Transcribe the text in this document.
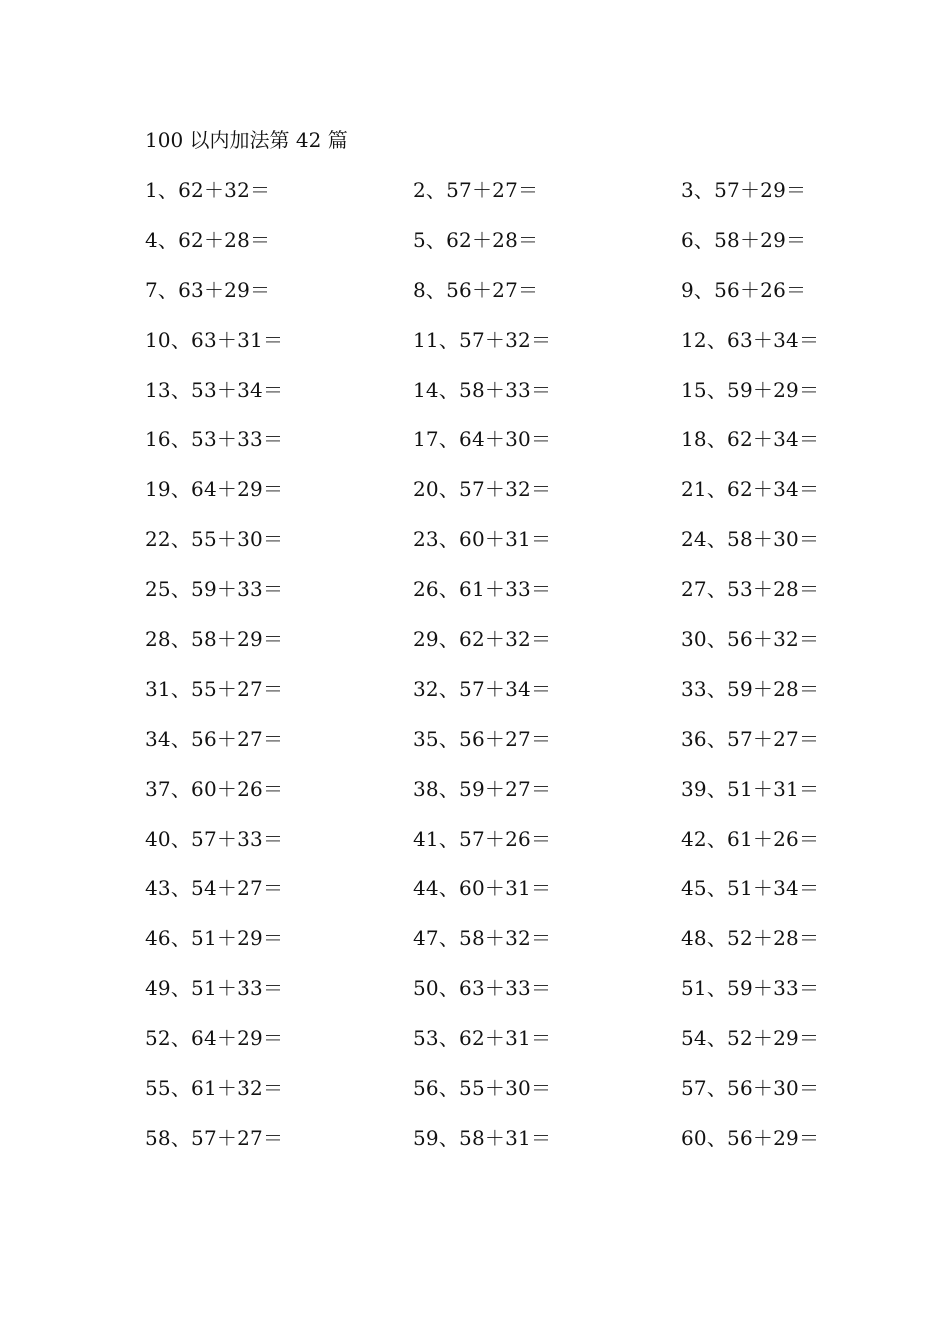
100 以内加法第 42 篇
1、62＋32＝	2、57＋27＝	3、57＋29＝
4、62＋28＝	5、62＋28＝	6、58＋29＝
7、63＋29＝	8、56＋27＝	9、56＋26＝
10、63＋31＝	11、57＋32＝	12、63＋34＝
13、53＋34＝	14、58＋33＝	15、59＋29＝
16、53＋33＝	17、64＋30＝	18、62＋34＝
19、64＋29＝	20、57＋32＝	21、62＋34＝
22、55＋30＝	23、60＋31＝	24、58＋30＝
25、59＋33＝	26、61＋33＝	27、53＋28＝
28、58＋29＝	29、62＋32＝	30、56＋32＝
31、55＋27＝	32、57＋34＝	33、59＋28＝
34、56＋27＝	35、56＋27＝	36、57＋27＝
37、60＋26＝	38、59＋27＝	39、51＋31＝
40、57＋33＝	41、57＋26＝	42、61＋26＝
43、54＋27＝	44、60＋31＝	45、51＋34＝
46、51＋29＝	47、58＋32＝	48、52＋28＝
49、51＋33＝	50、63＋33＝	51、59＋33＝
52、64＋29＝	53、62＋31＝	54、52＋29＝
55、61＋32＝	56、55＋30＝	57、56＋30＝
58、57＋27＝	59、58＋31＝	60、56＋29＝
